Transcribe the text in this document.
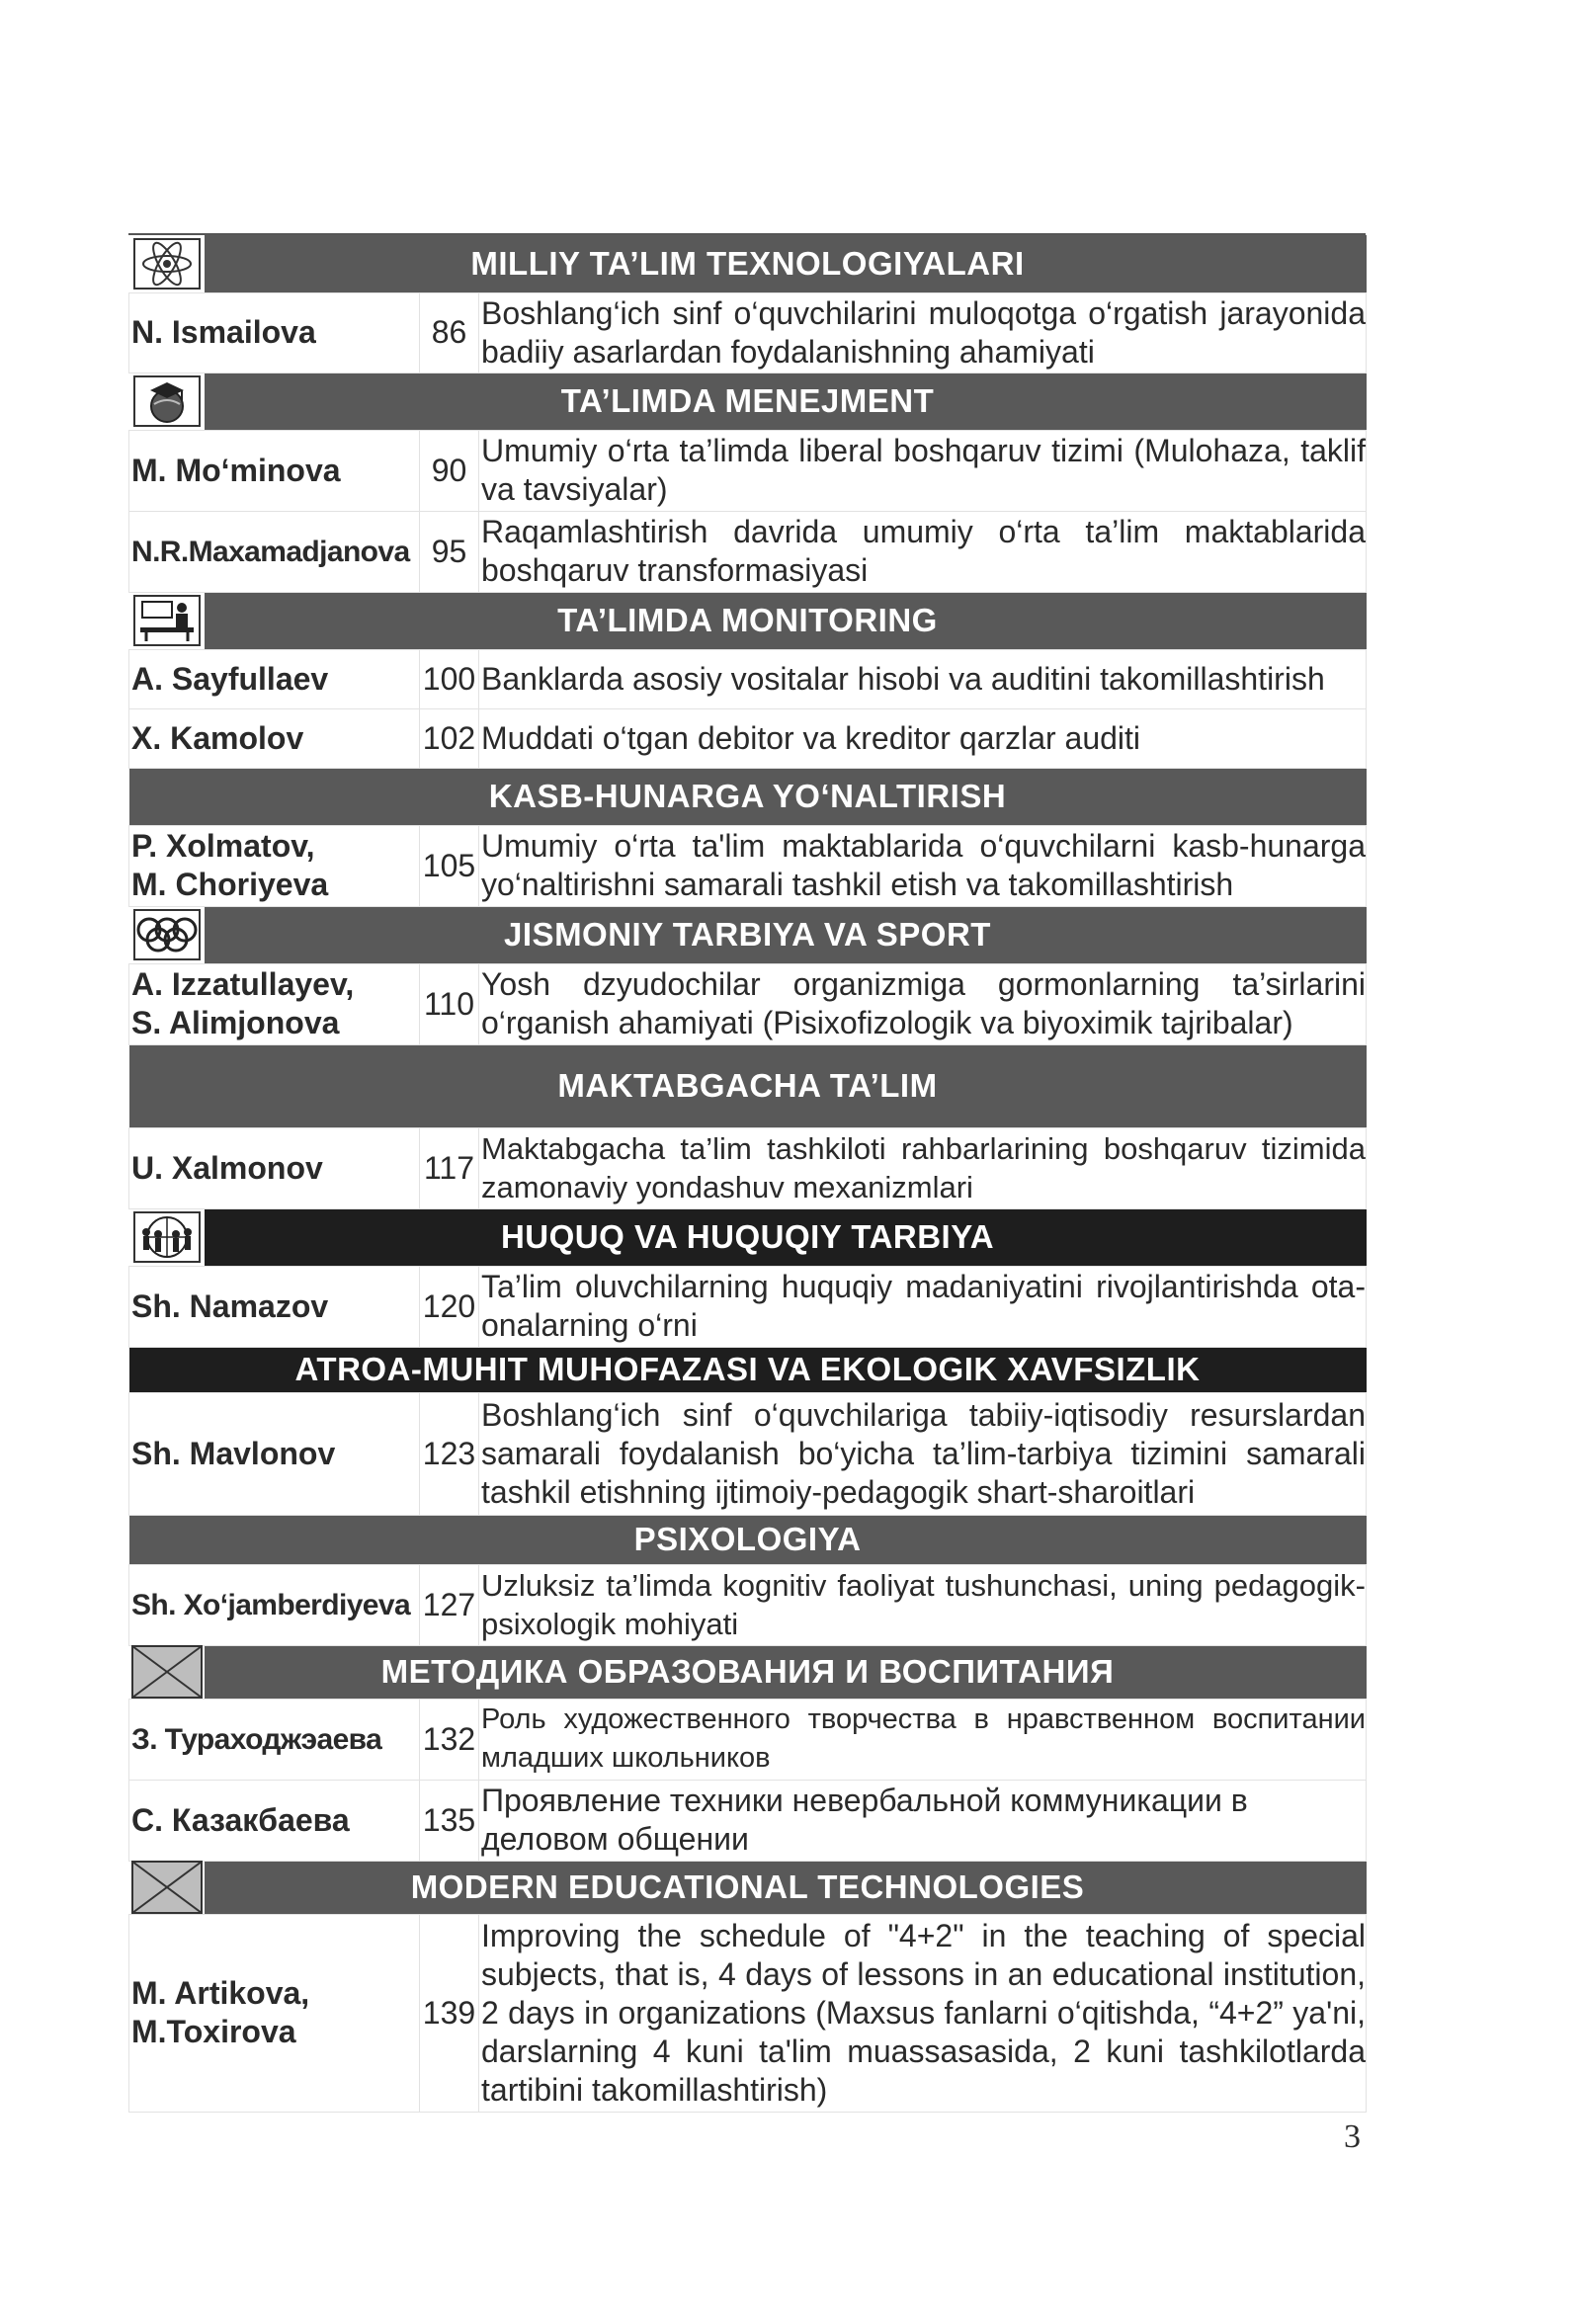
MILLIY TA’LIM TEXNOLOGIYALARI		

N. Ismailova	86	Boshlang‘ich sinf o‘quvchilarini muloqotga o‘rgatish jarayonida badiiy asarlardan foydalanishning ahamiyati

TA’LIMDA MENEJMENT		

M. Mo‘minova	90	Umumiy o‘rta ta’limda liberal boshqaruv tizimi (Mulohaza, taklif va tavsiyalar)
N.R.Maxamadjanova	95	Raqamlashtirish davrida umumiy o‘rta ta’lim maktablarida boshqaruv transformasiyasi

TA’LIMDA MONITORING		

A. Sayfullaev	100	Banklarda asosiy vositalar hisobi va auditini takomillashtirish
X. Kamolov	102	Muddati o‘tgan debitor va kreditor qarzlar auditi

KASB-HUNARGA YO‘NALTIRISH		

P. Xolmatov,
M. Choriyeva	105	Umumiy o‘rta ta'lim maktablarida o‘quvchilarni kasb-hunarga yo‘naltirishni samarali tashkil etish va takomillashtirish

JISMONIY TARBIYA VA SPORT		

A. Izzatullayev,
S. Alimjonova	110	Yosh dzyudochilar organizmiga gormonlarning ta’sirlarini o‘rganish ahamiyati (Pisixofizologik va biyoximik tajribalar)

MAKTABGACHA TA’LIM		

U. Xalmonov	117	Maktabgacha ta’lim tashkiloti rahbarlarining boshqaruv tizimida zamonaviy yondashuv mexanizmlari

HUQUQ VA HUQUQIY TARBIYA		

Sh. Namazov	120	Ta’lim oluvchilarning huquqiy madaniyatini rivojlantirishda ota-onalarning o‘rni

ATROA-MUHIT MUHOFAZASI VA EKOLOGIK XAVFSIZLIK		

Sh. Mavlonov	123	Boshlang‘ich sinf o‘quvchilariga tabiiy-iqtisodiy resurslardan samarali foydalanish bo‘yicha ta’lim-tarbiya tizimini samarali tashkil etishning ijtimoiy-pedagogik shart-sharoitlari

PSIXOLOGIYA		

Sh. Xo‘jamberdiyeva	127	Uzluksiz ta’limda kognitiv faoliyat tushunchasi, uning pedagogik-psixologik mohiyati

МЕТОДИКА ОБРАЗОВАНИЯ И ВОСПИТАНИЯ		

З. Тураходжэаева	132	Роль художественного творчества в нравственном воспитании младших школьников
С. Казакбаева	135	Проявление техники невербальной коммуникации в деловом общении

MODERN EDUCATIONAL TECHNOLOGIES		

M. Artikova,
M.Toxirova	139	Improving the schedule of "4+2" in the teaching of special subjects, that is, 4 days of lessons in an educational institution, 2 days in organizations (Maxsus fanlarni o‘qitishda, “4+2” ya'ni, darslarning 4 kuni ta'lim muassasasida, 2 kuni tashkilotlarda tartibini takomillashtirish)
3
